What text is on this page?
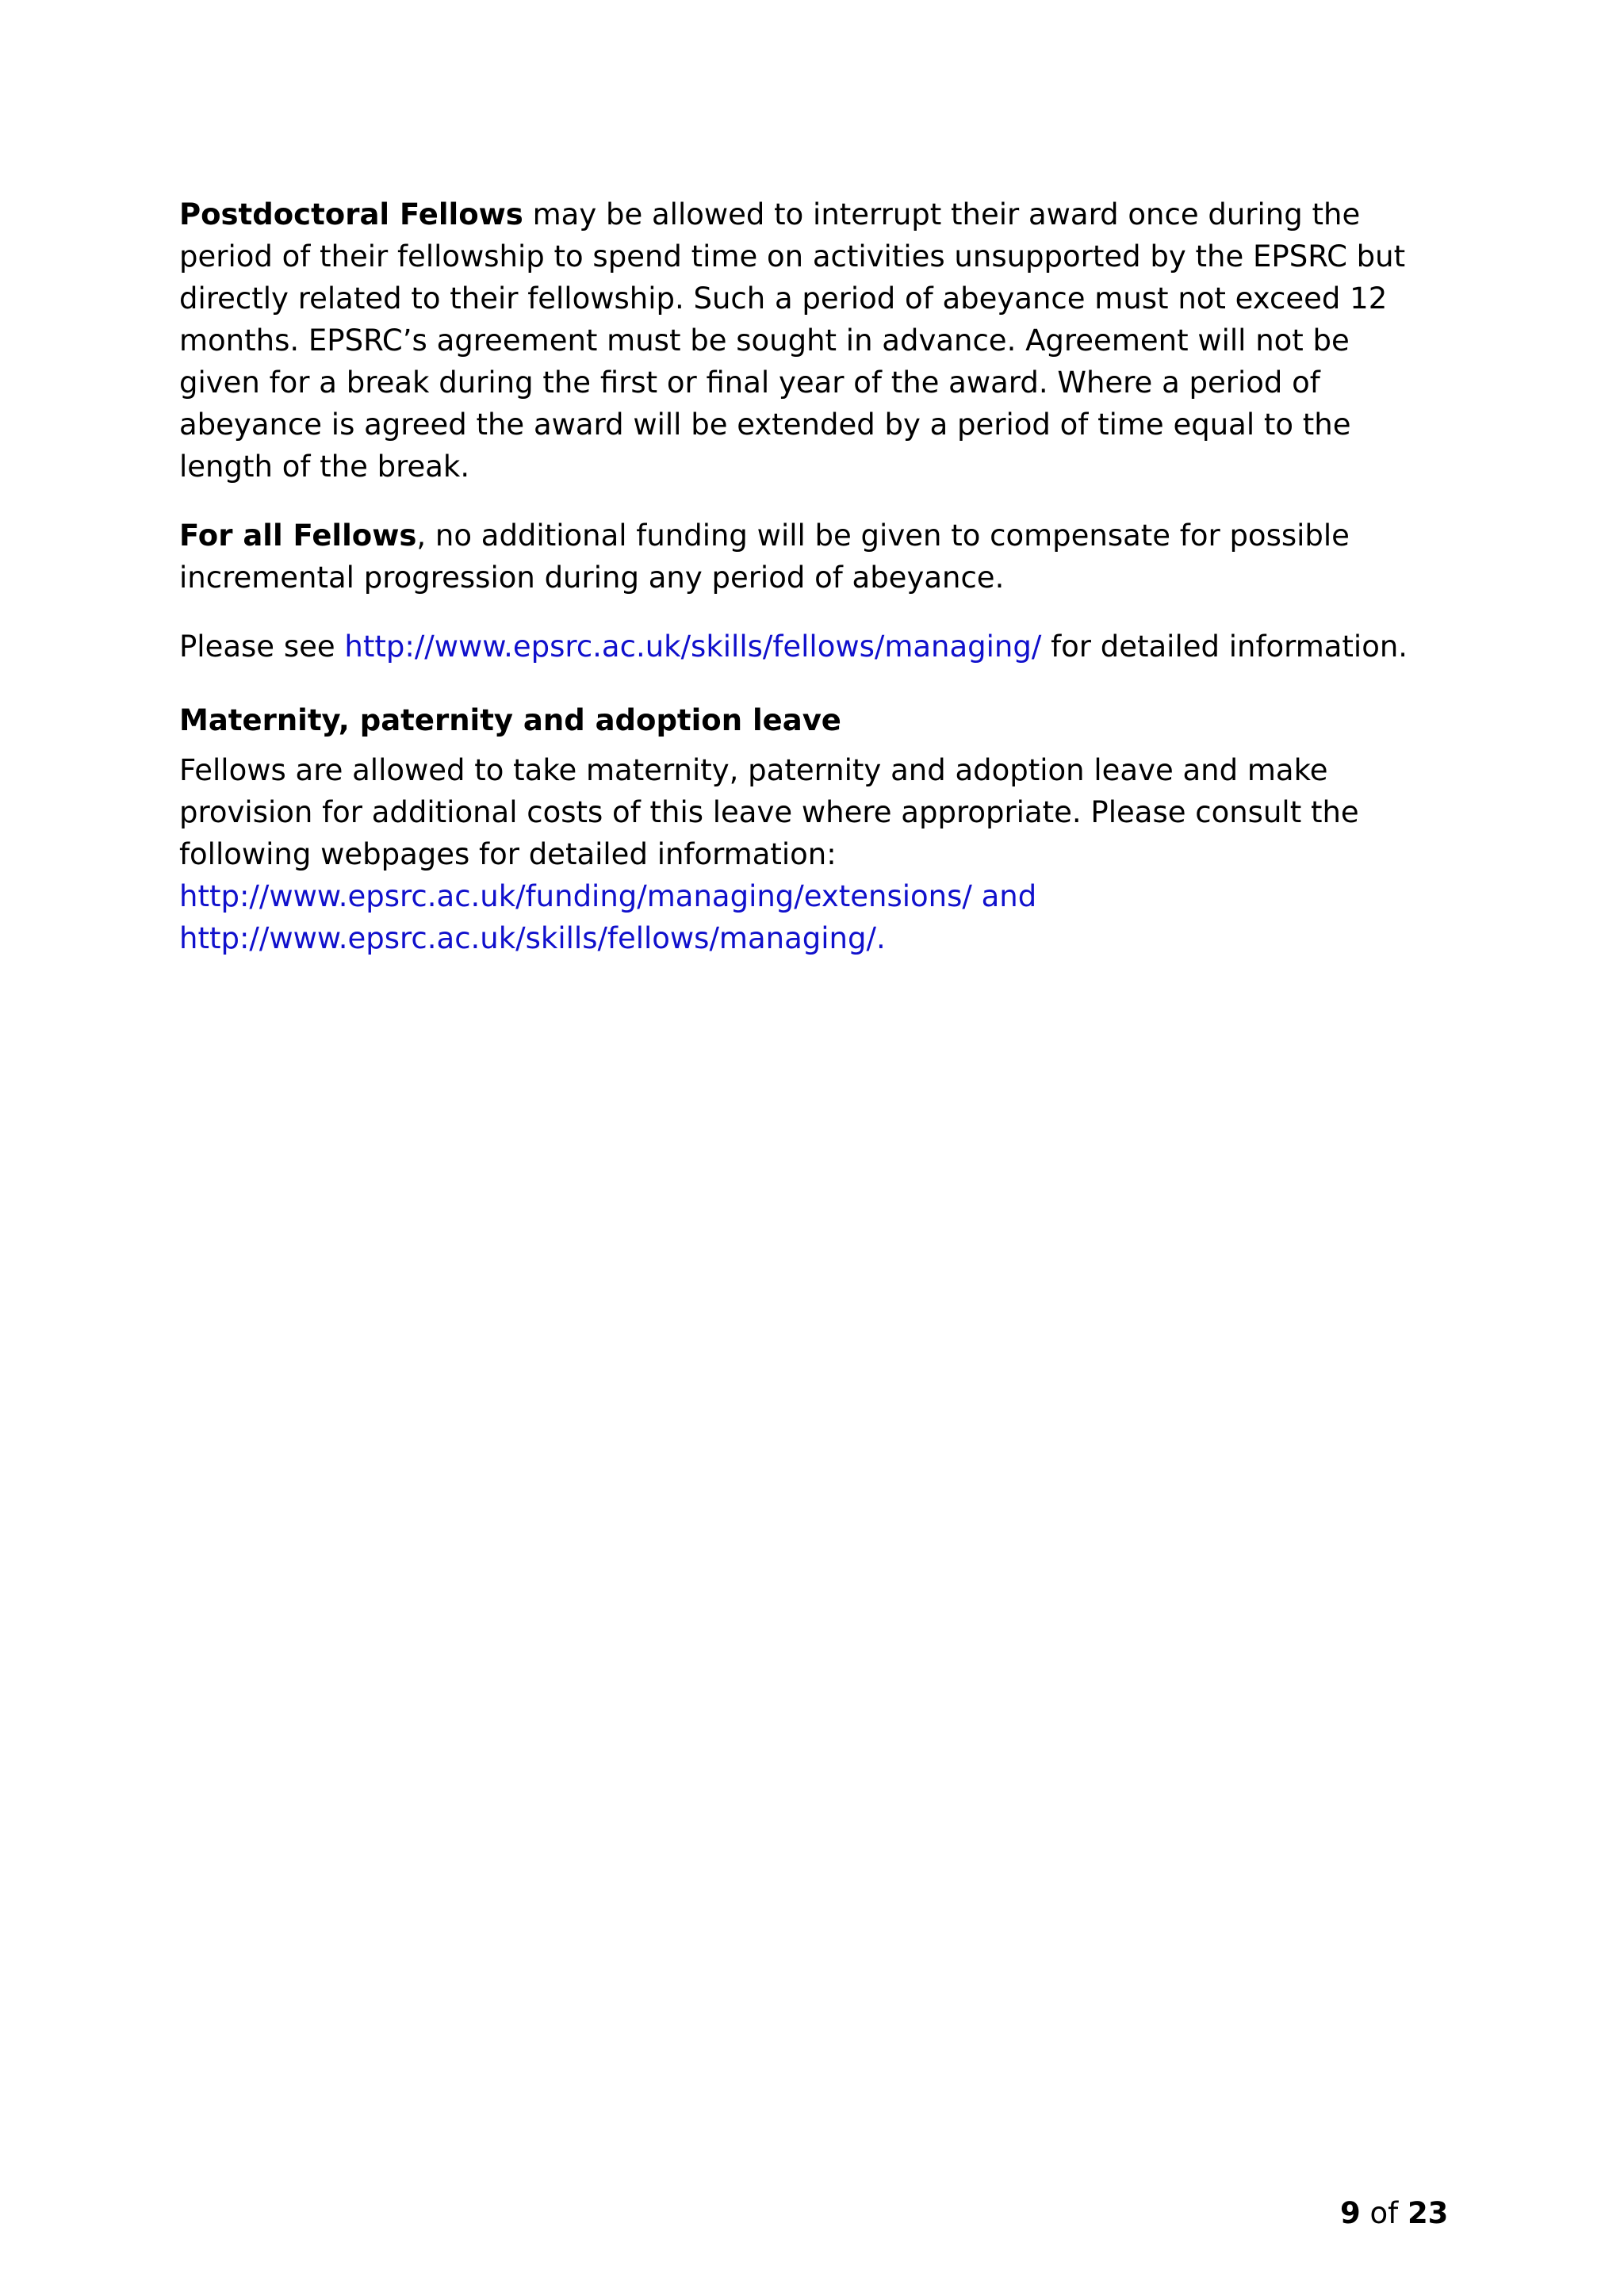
Postdoctoral Fellows may be allowed to interrupt their award once during the period of their fellowship to spend time on activities unsupported by the EPSRC but directly related to their fellowship. Such a period of abeyance must not exceed 12 months. EPSRC’s agreement must be sought in advance. Agreement will not be given for a break during the first or final year of the award. Where a period of abeyance is agreed the award will be extended by a period of time equal to the length of the break.

For all Fellows, no additional funding will be given to compensate for possible incremental progression during any period of abeyance.

Please see http://www.epsrc.ac.uk/skills/fellows/managing/ for detailed information.

Maternity, paternity and adoption leave

Fellows are allowed to take maternity, paternity and adoption leave and make provision for additional costs of this leave where appropriate. Please consult the following webpages for detailed information:
http://www.epsrc.ac.uk/funding/managing/extensions/ and
http://www.epsrc.ac.uk/skills/fellows/managing/.

9 of 23
